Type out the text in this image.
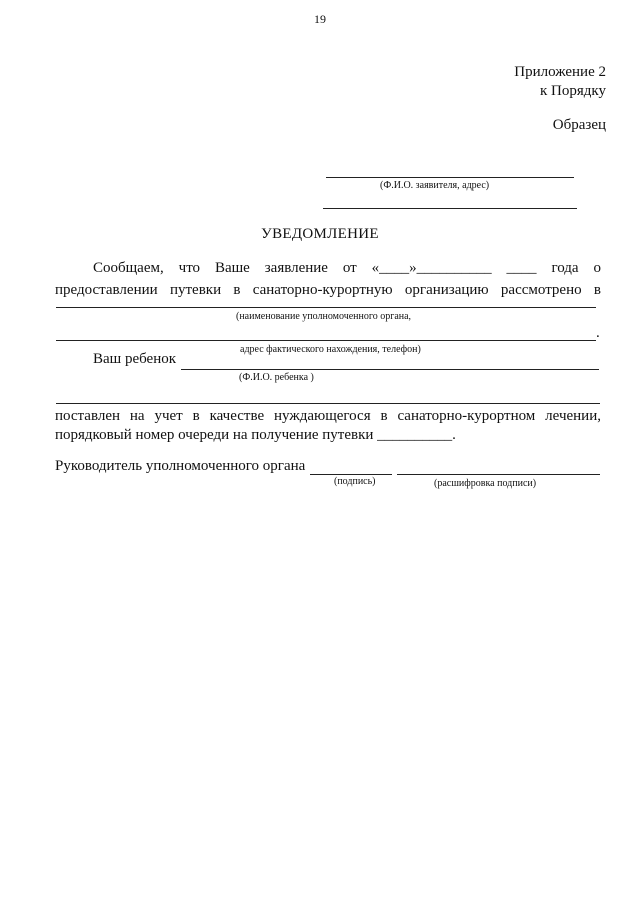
19
Приложение 2
к Порядку
Образец
(Ф.И.О. заявителя, адрес)
УВЕДОМЛЕНИЕ
Сообщаем, что Ваше заявление от «____»__________ ____ года о
предоставлении путевки в санаторно-курортную организацию рассмотрено в
(наименование уполномоченного органа,
.
адрес фактического нахождения, телефон)
Ваш ребенок
(Ф.И.О. ребенка )
поставлен на учет в качестве нуждающегося в санаторно-курортном лечении,
порядковый номер очереди на получение путевки __________.
Руководитель уполномоченного органа
(подпись)	(расшифровка подписи)
